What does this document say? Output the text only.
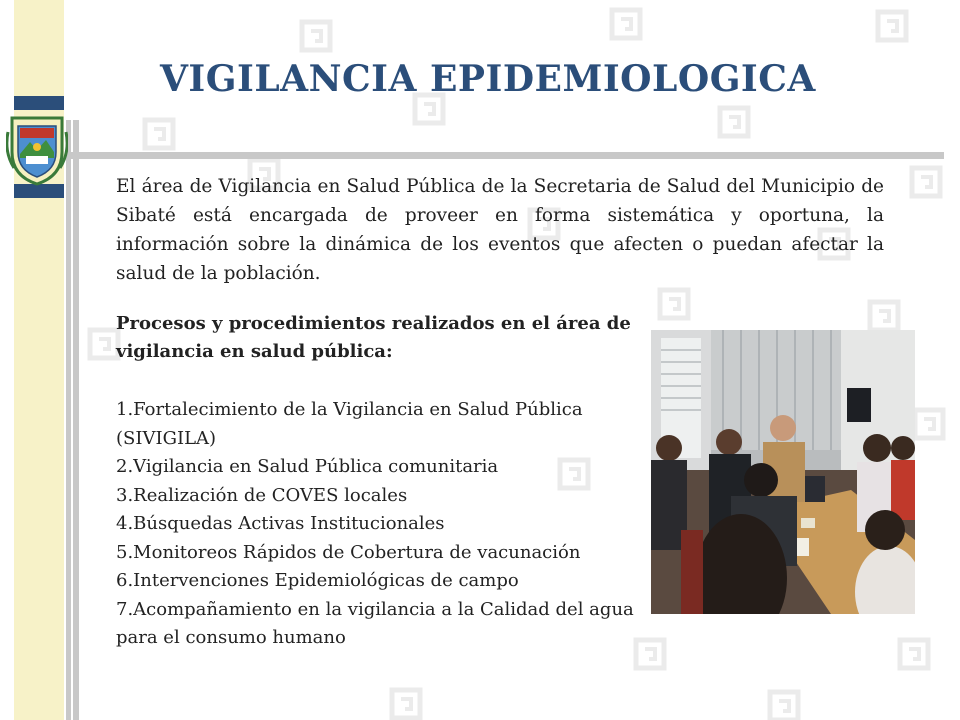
VIGILANCIA EPIDEMIOLOGICA

El área de Vigilancia en Salud Pública de la Secretaria de Salud del Municipio de Sibaté está encargada de proveer en forma sistemática y oportuna, la información sobre la dinámica de los eventos que afecten o puedan afectar la salud de la población.

Procesos y procedimientos realizados en el área de vigilancia en salud pública:
1.Fortalecimiento de la Vigilancia en Salud Pública (SIVIGILA)
2.Vigilancia en Salud Pública comunitaria
3.Realización de COVES locales
4.Búsquedas Activas Institucionales
5.Monitoreos Rápidos de Cobertura de vacunación
6.Intervenciones Epidemiológicas de campo
7.Acompañamiento en la vigilancia a la Calidad del agua para el consumo humano
